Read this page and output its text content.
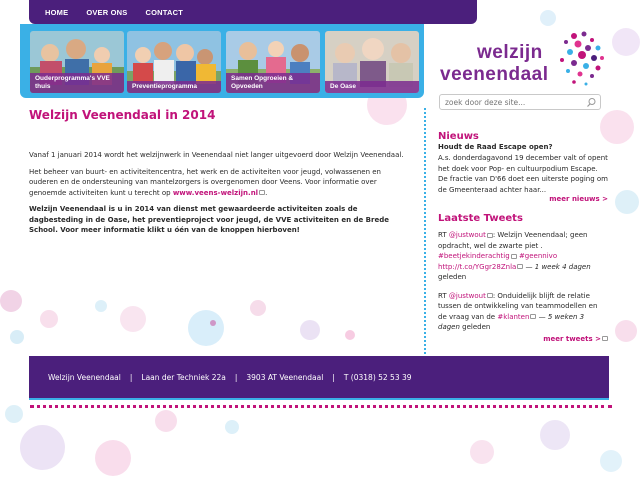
HOME OVER ONS CONTACT
Ouderprogramma's VVE thuis	Preventieprogramma
Samen Opgroeien & Opvoeden	De Oase
welzijn
veenendaal
zoek door deze site...
Welzijn Veenendaal in 2014

Vanaf 1 januari 2014 wordt het welzijnwerk in Veenendaal niet langer uitgevoerd door Welzijn Veenendaal.

Het beheer van buurt- en activiteitencentra, het werk en de activiteiten voor jeugd, volwassenen en ouderen en de ondersteuning van mantelzorgers is overgenomen door Veens. Voor informatie over genoemde activiteiten kunt u terecht op www.veens-welzijn.nl .

Welzijn Veenendaal is u in 2014 van dienst met gewaardeerde activiteiten zoals de dagbesteding in de Oase, het preventieproject voor jeugd, de VVE activiteiten en de Brede School. Voor meer informatie klikt u óén van de knoppen hierboven!

Nieuws
Houdt de Raad Escape open?

A.s. donderdagavond 19 december valt of opent het doek voor Pop- en cultuurpodium Escape. De fractie van D'66 doet een uiterste poging om de Gmeenteraad achter haar...

meer nieuws >
Laatste Tweets

RT @justwout : Welzijn Veenendaal; geen opdracht, wel de zwarte piet . #beetjekinderachtig #geennivo http://t.co/YGgr28Znla — 1 week 4 dagen geleden

RT @justwout : Onduidelijk blijft de relatie tussen de ontwikkeling van teammodellen en de vraag van de #klanten — 5 weken 3 dagen geleden

meer tweets >
Welzijn Veenendaal | Laan der Techniek 22a | 3903 AT Veenendaal | T (0318) 52 53 39
